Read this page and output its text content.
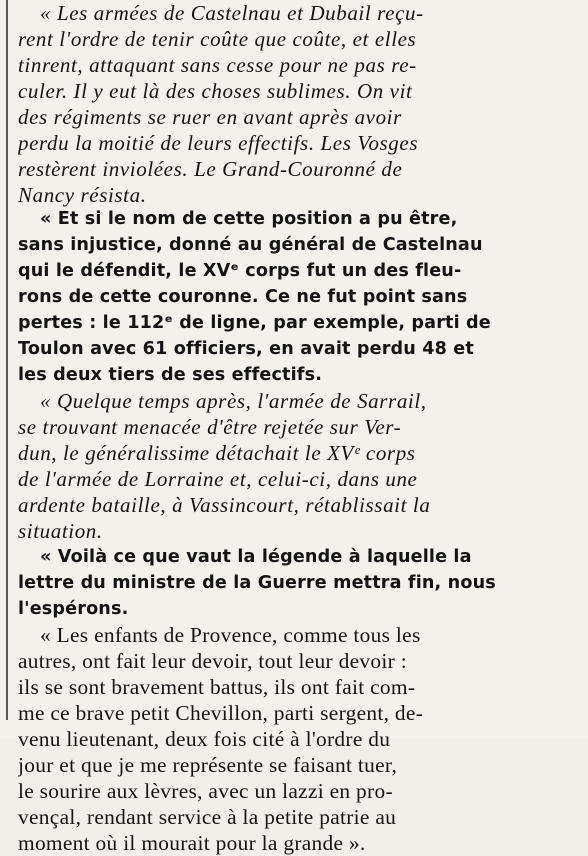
« Les armées de Castelnau et Dubail reçu-
rent l'ordre de tenir coûte que coûte, et elles
tinrent, attaquant sans cesse pour ne pas re-
culer. Il y eut là des choses sublimes. On vit
des régiments se ruer en avant après avoir
perdu la moitié de leurs effectifs. Les Vosges
restèrent inviolées. Le Grand-Couronné de
Nancy résista.
« Et si le nom de cette position a pu être,
sans injustice, donné au général de Castelnau
qui le défendit, le XVᵉ corps fut un des fleu-
rons de cette couronne. Ce ne fut point sans
pertes : le 112ᵉ de ligne, par exemple, parti de
Toulon avec 61 officiers, en avait perdu 48 et
les deux tiers de ses effectifs.
« Quelque temps après, l'armée de Sarrail,
se trouvant menacée d'être rejetée sur Ver-
dun, le généralissime détachait le XVᵉ corps
de l'armée de Lorraine et, celui-ci, dans une
ardente bataille, à Vassincourt, rétablissait la
situation.
« Voilà ce que vaut la légende à laquelle la
lettre du ministre de la Guerre mettra fin, nous
l'espérons.
« Les enfants de Provence, comme tous les
autres, ont fait leur devoir, tout leur devoir :
ils se sont bravement battus, ils ont fait com-
me ce brave petit Chevillon, parti sergent, de-
venu lieutenant, deux fois cité à l'ordre du
jour et que je me représente se faisant tuer,
le sourire aux lèvres, avec un lazzi en pro-
vençal, rendant service à la petite patrie au
moment où il mourait pour la grande ».
